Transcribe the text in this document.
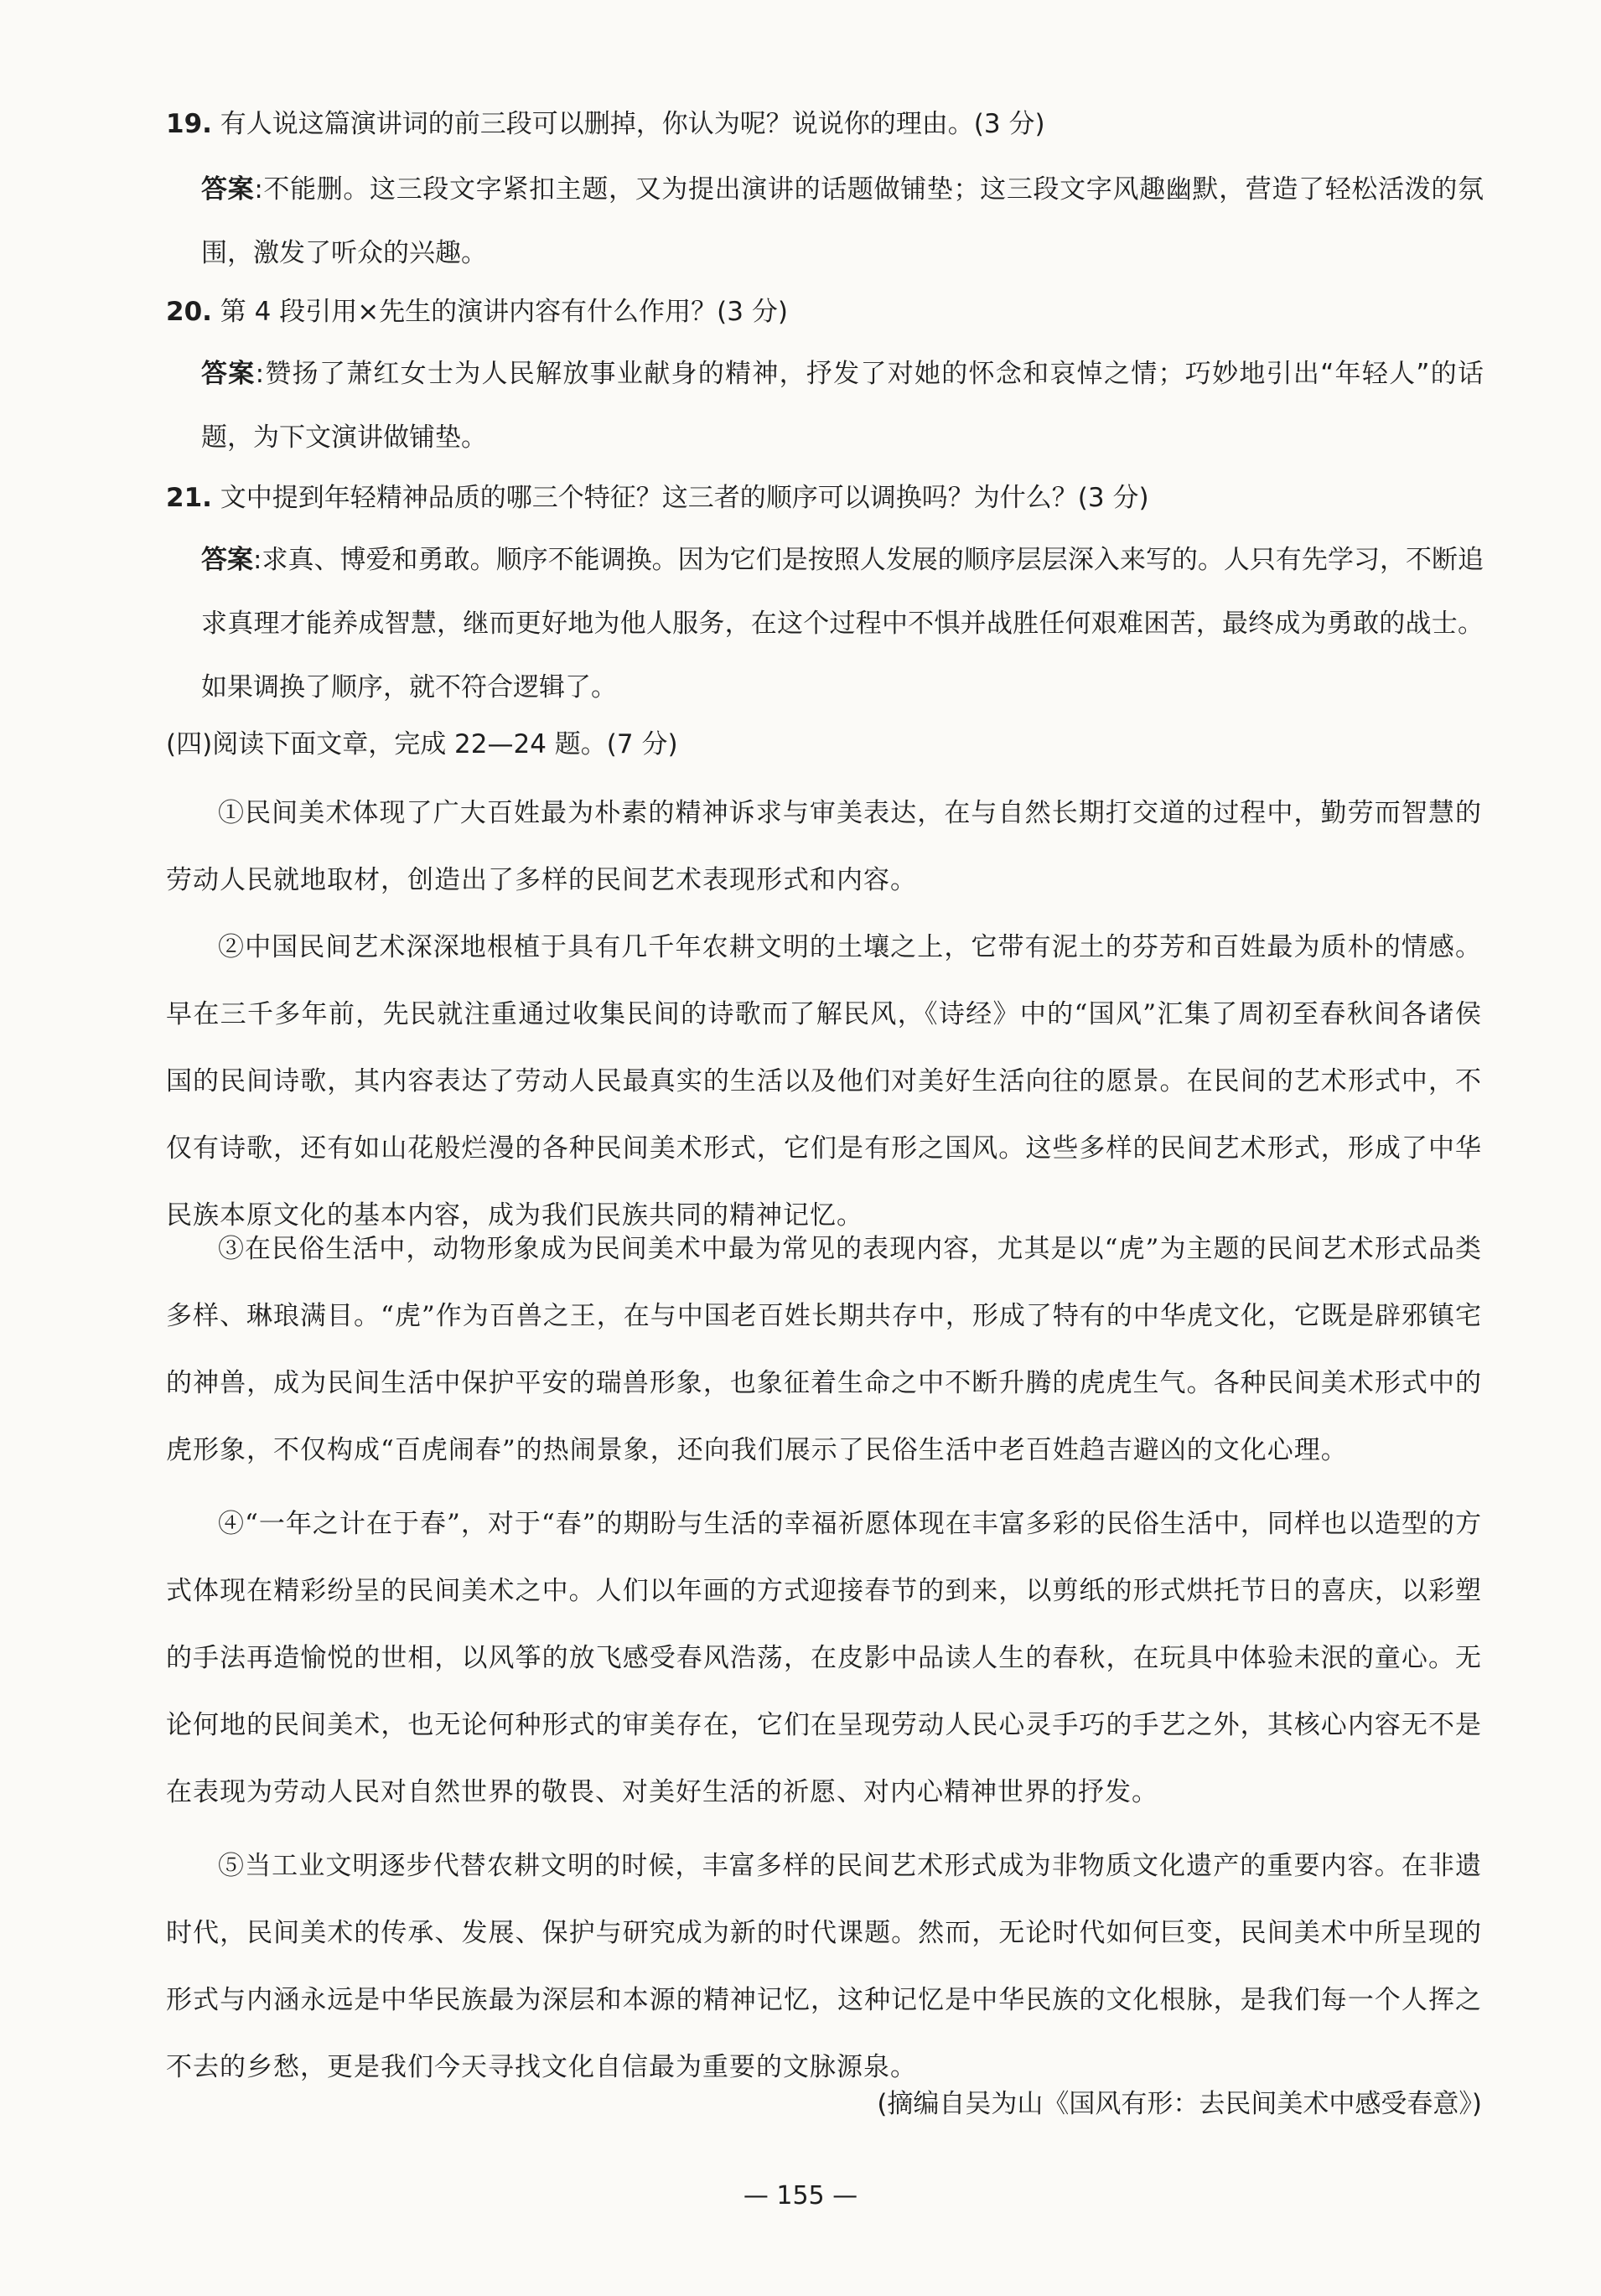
19. 有人说这篇演讲词的前三段可以删掉，你认为呢？说说你的理由。(3 分)
答案:不能删。这三段文字紧扣主题，又为提出演讲的话题做铺垫；这三段文字风趣幽默，营造了轻松活泼的氛围，激发了听众的兴趣。
20. 第 4 段引用×先生的演讲内容有什么作用？(3 分)
答案:赞扬了萧红女士为人民解放事业献身的精神，抒发了对她的怀念和哀悼之情；巧妙地引出“年轻人”的话题，为下文演讲做铺垫。
21. 文中提到年轻精神品质的哪三个特征？这三者的顺序可以调换吗？为什么？(3 分)
答案:求真、博爱和勇敢。顺序不能调换。因为它们是按照人发展的顺序层层深入来写的。人只有先学习，不断追求真理才能养成智慧，继而更好地为他人服务，在这个过程中不惧并战胜任何艰难困苦，最终成为勇敢的战士。如果调换了顺序，就不符合逻辑了。
(四)阅读下面文章，完成 22—24 题。(7 分)
①民间美术体现了广大百姓最为朴素的精神诉求与审美表达，在与自然长期打交道的过程中，勤劳而智慧的劳动人民就地取材，创造出了多样的民间艺术表现形式和内容。
②中国民间艺术深深地根植于具有几千年农耕文明的土壤之上，它带有泥土的芬芳和百姓最为质朴的情感。早在三千多年前，先民就注重通过收集民间的诗歌而了解民风，《诗经》中的“国风”汇集了周初至春秋间各诸侯国的民间诗歌，其内容表达了劳动人民最真实的生活以及他们对美好生活向往的愿景。在民间的艺术形式中，不仅有诗歌，还有如山花般烂漫的各种民间美术形式，它们是有形之国风。这些多样的民间艺术形式，形成了中华民族本原文化的基本内容，成为我们民族共同的精神记忆。
③在民俗生活中，动物形象成为民间美术中最为常见的表现内容，尤其是以“虎”为主题的民间艺术形式品类多样、琳琅满目。“虎”作为百兽之王，在与中国老百姓长期共存中，形成了特有的中华虎文化，它既是辟邪镇宅的神兽，成为民间生活中保护平安的瑞兽形象，也象征着生命之中不断升腾的虎虎生气。各种民间美术形式中的虎形象，不仅构成“百虎闹春”的热闹景象，还向我们展示了民俗生活中老百姓趋吉避凶的文化心理。
④“一年之计在于春”，对于“春”的期盼与生活的幸福祈愿体现在丰富多彩的民俗生活中，同样也以造型的方式体现在精彩纷呈的民间美术之中。人们以年画的方式迎接春节的到来，以剪纸的形式烘托节日的喜庆，以彩塑的手法再造愉悦的世相，以风筝的放飞感受春风浩荡，在皮影中品读人生的春秋，在玩具中体验未泯的童心。无论何地的民间美术，也无论何种形式的审美存在，它们在呈现劳动人民心灵手巧的手艺之外，其核心内容无不是在表现为劳动人民对自然世界的敬畏、对美好生活的祈愿、对内心精神世界的抒发。
⑤当工业文明逐步代替农耕文明的时候，丰富多样的民间艺术形式成为非物质文化遗产的重要内容。在非遗时代，民间美术的传承、发展、保护与研究成为新的时代课题。然而，无论时代如何巨变，民间美术中所呈现的形式与内涵永远是中华民族最为深层和本源的精神记忆，这种记忆是中华民族的文化根脉，是我们每一个人挥之不去的乡愁，更是我们今天寻找文化自信最为重要的文脉源泉。
(摘编自吴为山《国风有形：去民间美术中感受春意》)
— 155 —
